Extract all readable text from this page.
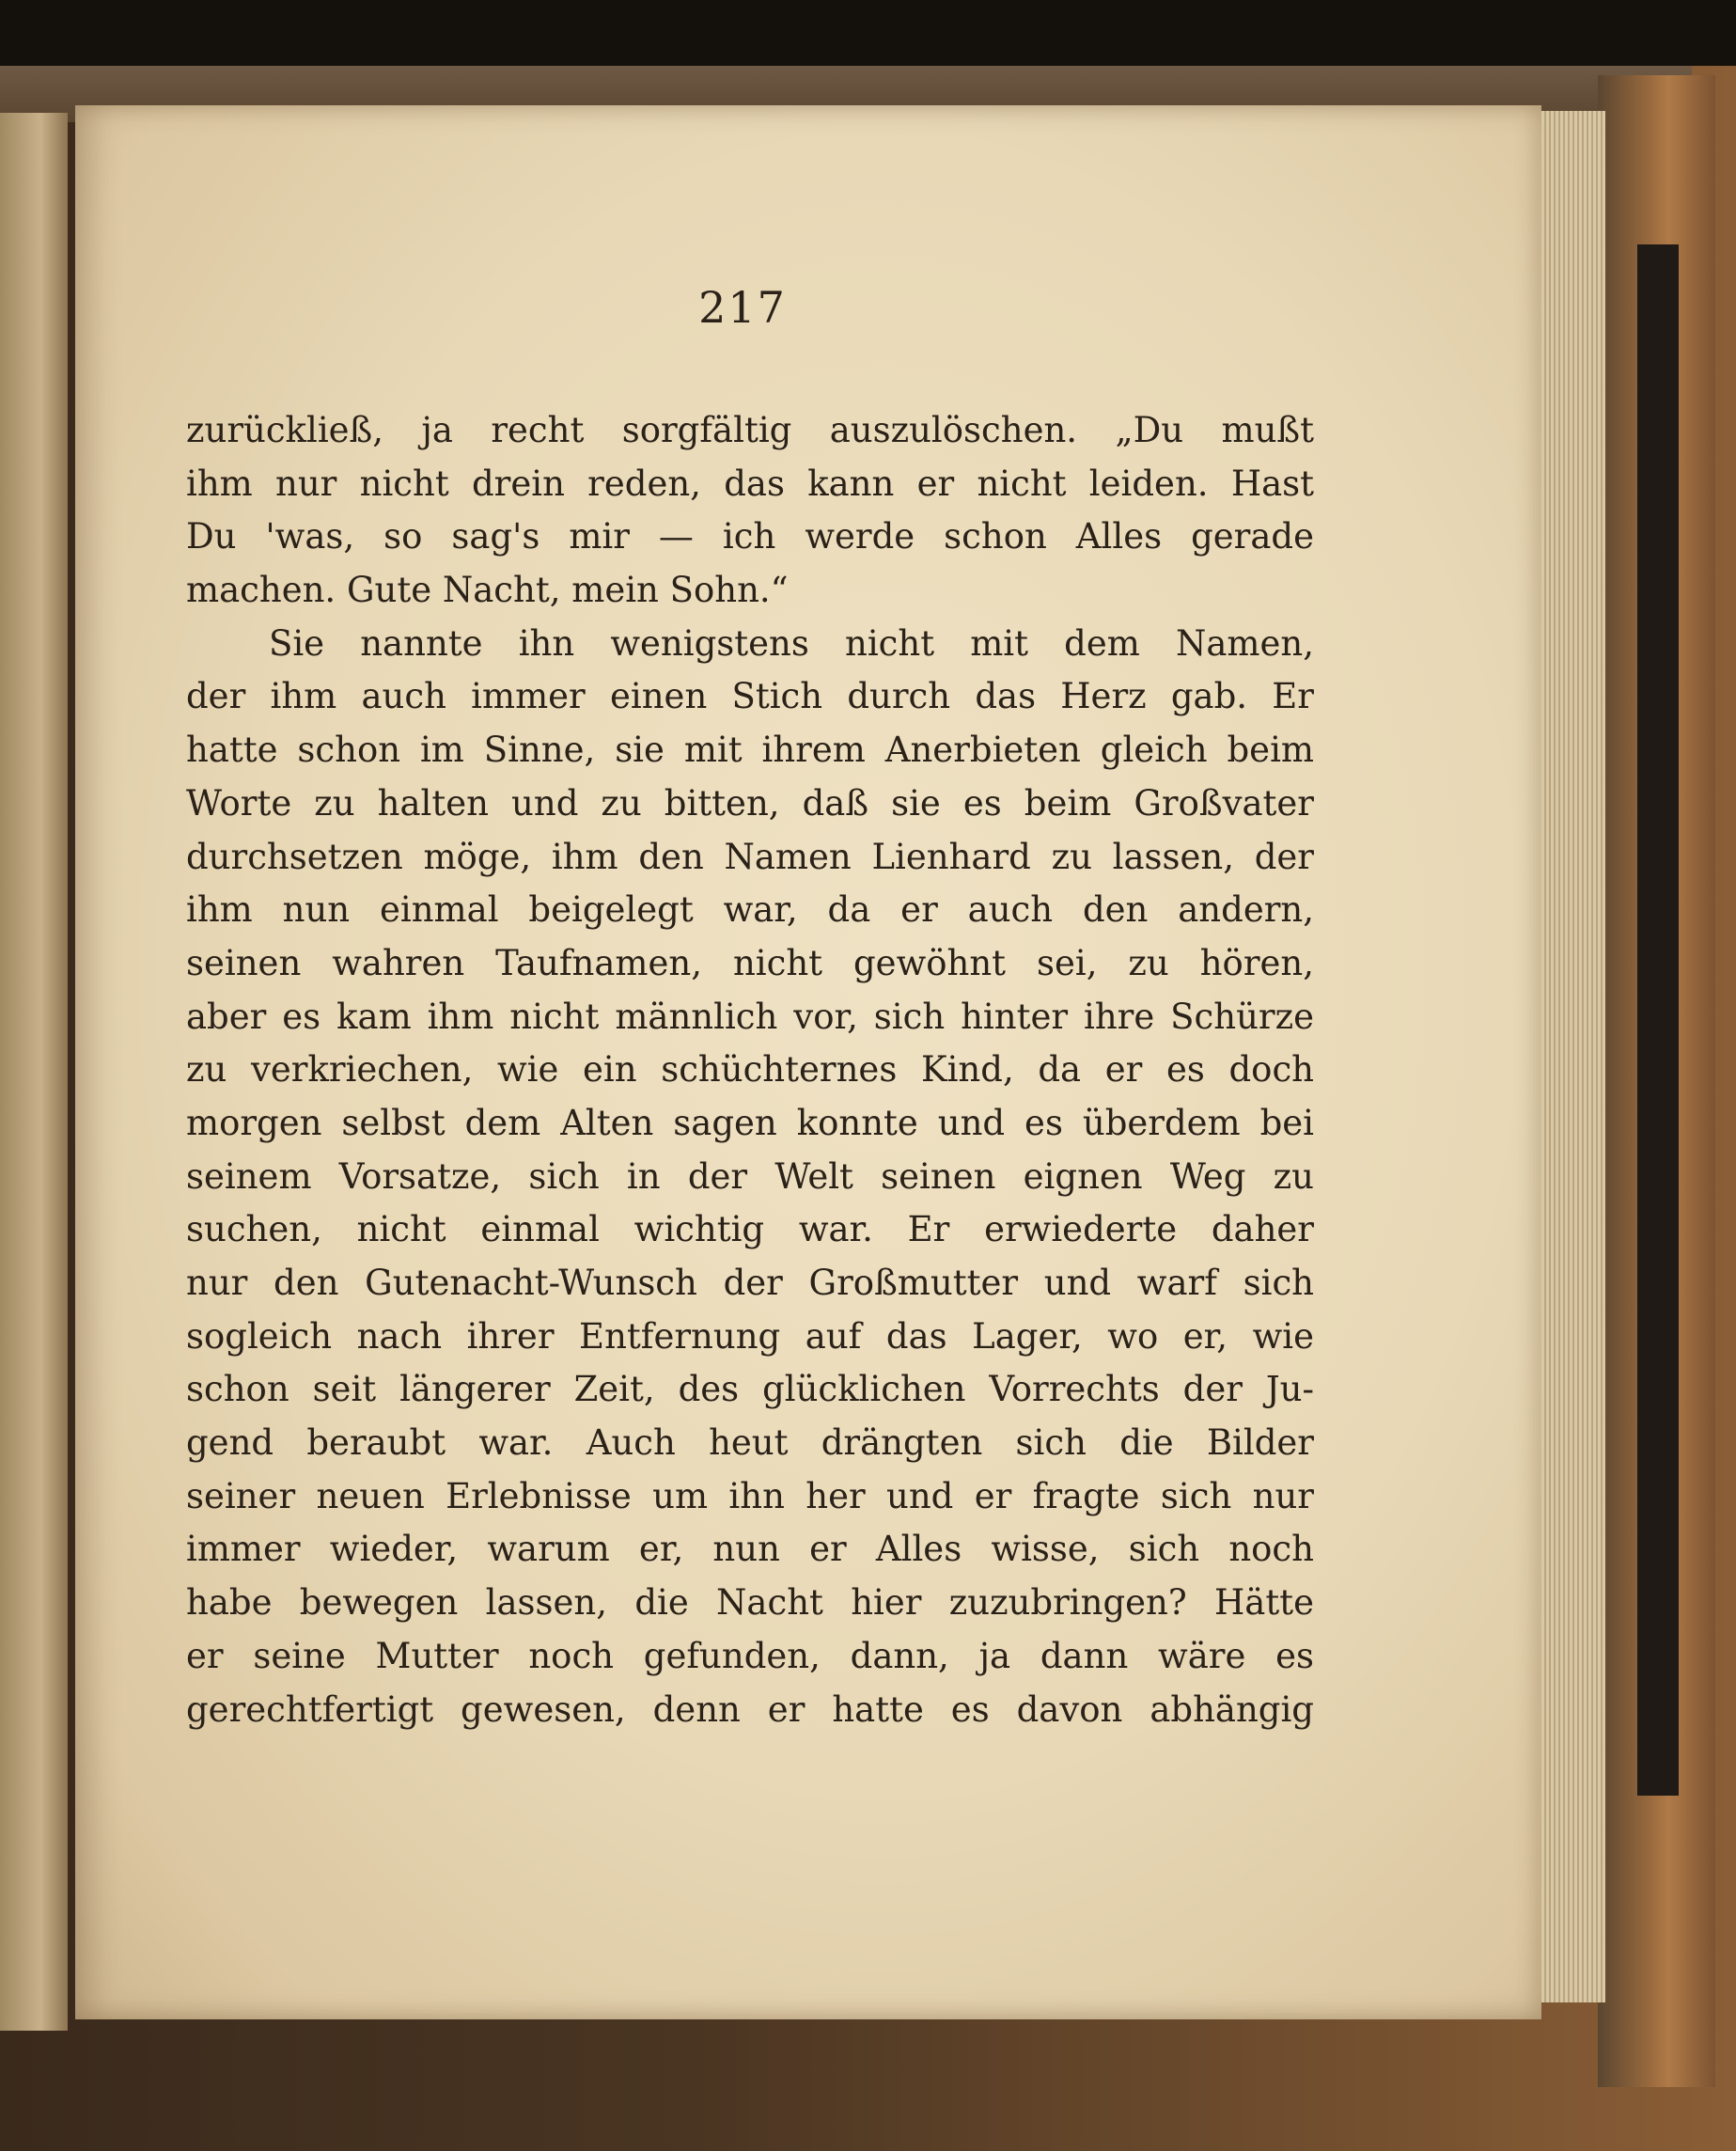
217
zurückließ, ja recht sorgfältig auszulöschen. „Du mußt
ihm nur nicht drein reden, das kann er nicht leiden. Hast
Du 'was, so sag's mir — ich werde schon Alles gerade
machen. Gute Nacht, mein Sohn.“
Sie nannte ihn wenigstens nicht mit dem Namen,
der ihm auch immer einen Stich durch das Herz gab. Er
hatte schon im Sinne, sie mit ihrem Anerbieten gleich beim
Worte zu halten und zu bitten, daß sie es beim Großvater
durchsetzen möge, ihm den Namen Lienhard zu lassen, der
ihm nun einmal beigelegt war, da er auch den andern,
seinen wahren Taufnamen, nicht gewöhnt sei, zu hören,
aber es kam ihm nicht männlich vor, sich hinter ihre Schürze
zu verkriechen, wie ein schüchternes Kind, da er es doch
morgen selbst dem Alten sagen konnte und es überdem bei
seinem Vorsatze, sich in der Welt seinen eignen Weg zu
suchen, nicht einmal wichtig war. Er erwiederte daher
nur den Gutenacht-Wunsch der Großmutter und warf sich
sogleich nach ihrer Entfernung auf das Lager, wo er, wie
schon seit längerer Zeit, des glücklichen Vorrechts der Ju-
gend beraubt war. Auch heut drängten sich die Bilder
seiner neuen Erlebnisse um ihn her und er fragte sich nur
immer wieder, warum er, nun er Alles wisse, sich noch
habe bewegen lassen, die Nacht hier zuzubringen? Hätte
er seine Mutter noch gefunden, dann, ja dann wäre es
gerechtfertigt gewesen, denn er hatte es davon abhängig
